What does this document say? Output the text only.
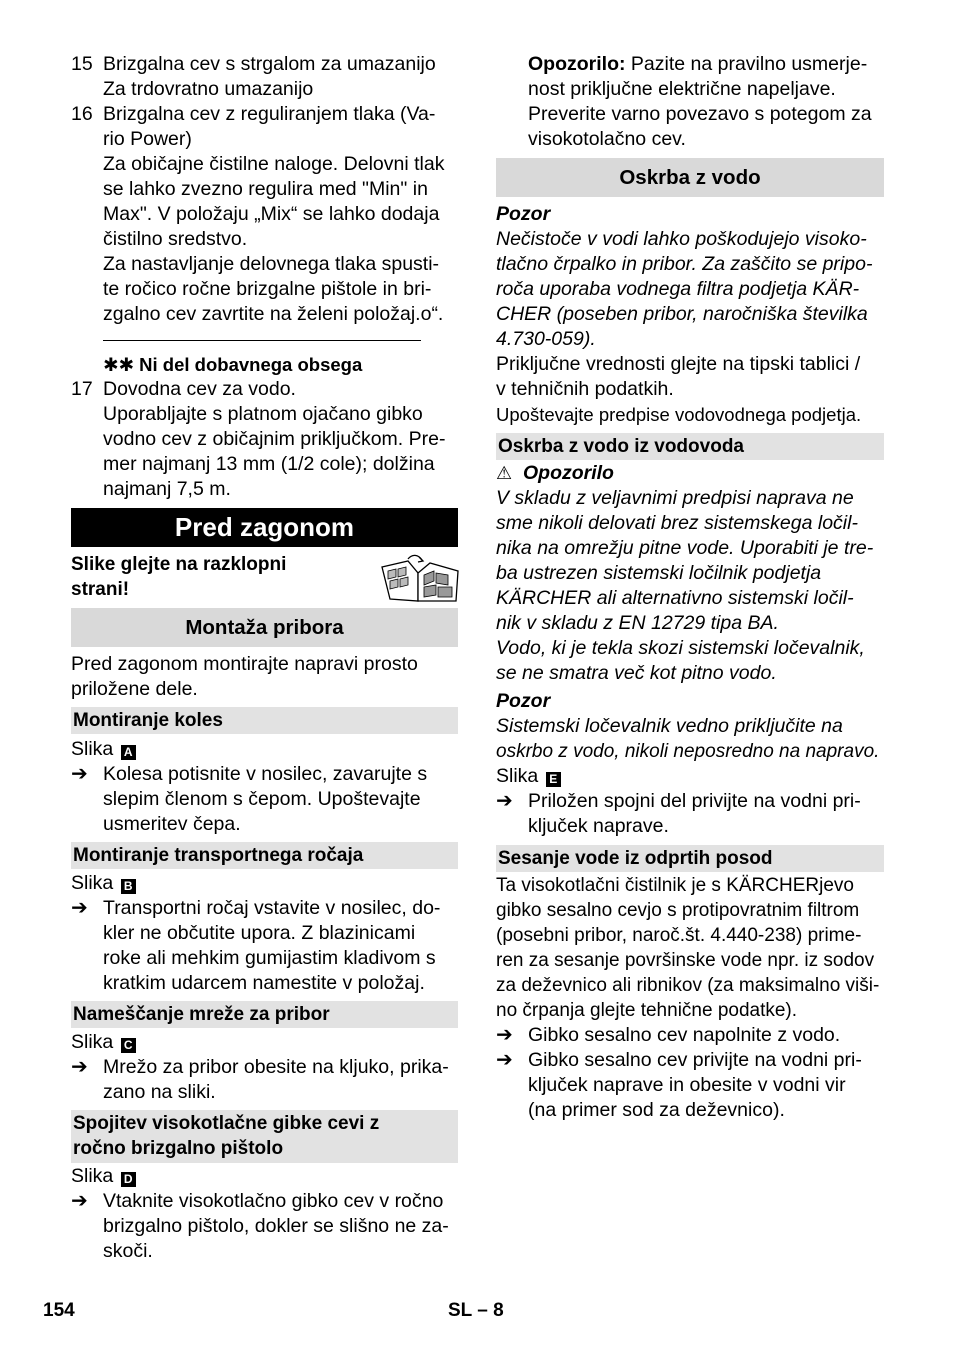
15 Brizgalna cev s strgalom za umazanijo
Za trdovratno umazanijo
16 Brizgalna cev z reguliranjem tlaka (Va-
rio Power)
Za običajne čistilne naloge. Delovni tlak
se lahko zvezno regulira med "Min" in
Max". V položaju „Mix“ se lahko dodaja
čistilno sredstvo.
Za nastavljanje delovnega tlaka spusti-
te ročico ročne brizgalne pištole in bri-
zgalno cev zavrtite na želeni položaj.o“.
✱✱ Ni del dobavnega obsega
17 Dovodna cev za vodo.
Uporabljajte s platnom ojačano gibko
vodno cev z običajnim priključkom. Pre-
mer najmanj 13 mm (1/2 cole); dolžina
najmanj 7,5 m.
Pred zagonom
Slike glejte na razklopni
strani!
Montaža pribora
Pred zagonom montirajte napravi prosto
priložene dele.
Montiranje koles
Slika A
➔ Kolesa potisnite v nosilec, zavarujte s
slepim členom s čepom. Upoštevajte
usmeritev čepa.
Montiranje transportnega ročaja
Slika B
➔ Transportni ročaj vstavite v nosilec, do-
kler ne občutite upora. Z blazinicami
roke ali mehkim gumijastim kladivom s
kratkim udarcem namestite v položaj.
Nameščanje mreže za pribor
Slika C
➔ Mrežo za pribor obesite na kljuko, prika-
zano na sliki.
Spojitev visokotlačne gibke cevi z
ročno brizgalno pištolo
Slika D
➔ Vtaknite visokotlačno gibko cev v ročno
brizgalno pištolo, dokler se slišno ne za-
skoči.
Opozorilo: Pazite na pravilno usmerje-
nost priključne električne napeljave.
Preverite varno povezavo s potegom za
visokotolačno cev.
Oskrba z vodo
Pozor
Nečistoče v vodi lahko poškodujejo visoko-
tlačno črpalko in pribor. Za zaščito se pripo-
roča uporaba vodnega filtra podjetja KÄR-
CHER (poseben pribor, naročniška številka
4.730-059).
Priključne vrednosti glejte na tipski tablici /
v tehničnih podatkih.
Upoštevajte predpise vodovodnega podjetja.
Oskrba z vodo iz vodovoda
⚠ Opozorilo
V skladu z veljavnimi predpisi naprava ne
sme nikoli delovati brez sistemskega ločil-
nika na omrežju pitne vode. Uporabiti je tre-
ba ustrezen sistemski ločilnik podjetja
KÄRCHER ali alternativno sistemski ločil-
nik v skladu z EN 12729 tipa BA.
Vodo, ki je tekla skozi sistemski ločevalnik,
se ne smatra več kot pitno vodo.
Pozor
Sistemski ločevalnik vedno priključite na
oskrbo z vodo, nikoli neposredno na napravo.
Slika E
➔ Priložen spojni del privijte na vodni pri-
ključek naprave.
Sesanje vode iz odprtih posod
Ta visokotlačni čistilnik je s KÄRCHERjevo
gibko sesalno cevjo s protipovratnim filtrom
(posebni pribor, naroč.št. 4.440-238) prime-
ren za sesanje površinske vode npr. iz sodov
za deževnico ali ribnikov (za maksimalno viši-
no črpanja glejte tehnične podatke).
➔ Gibko sesalno cev napolnite z vodo.
➔ Gibko sesalno cev privijte na vodni pri-
ključek naprave in obesite v vodni vir
(na primer sod za deževnico).
154	SL – 8
